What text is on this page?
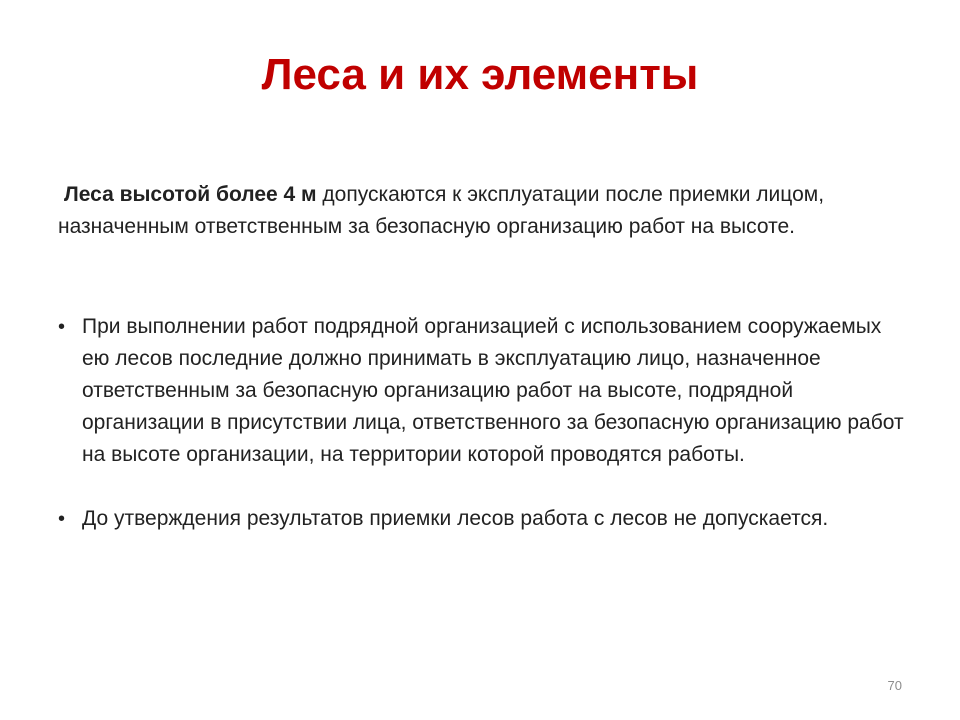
Леса и их элементы
Леса высотой более 4 м допускаются к эксплуатации после приемки лицом, назначенным ответственным за безопасную организацию работ на высоте.
• При выполнении работ подрядной организацией с использованием сооружаемых ею лесов последние должно принимать в эксплуатацию лицо, назначенное ответственным за безопасную организацию работ на высоте, подрядной организации в присутствии лица, ответственного за безопасную организацию работ на высоте организации, на территории которой проводятся работы.
• До утверждения результатов приемки лесов работа с лесов не допускается.
70
